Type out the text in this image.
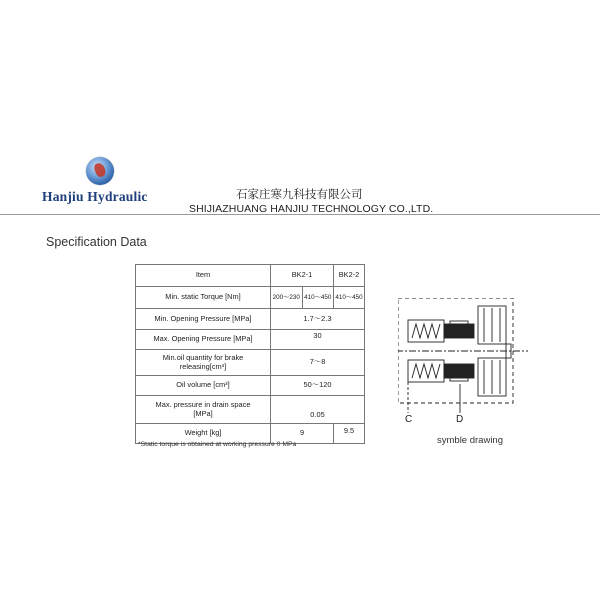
Hanjiu Hydraulic	石家庄寒九科技有限公司
SHIJIAZHUANG HANJIU TECHNOLOGY CO.,LTD.
Specification Data
Item	BK2-1	BK2-2
Min. static Torque [Nm]	200～230 410～450	410～450
Min. Opening Pressure [MPa]	1.7～2.3	
Max. Opening Pressure [MPa]	30	

Min.oil quantity for brake
releasing[cm³]	7～8	
Oil volume [cm³]	50～120	

Max. pressure in drain space
[MPa]	0.05	
Weight [kg]	9	9.5
*Static torque is obtained at working pressure 0 MPa
C	D
symble drawing
